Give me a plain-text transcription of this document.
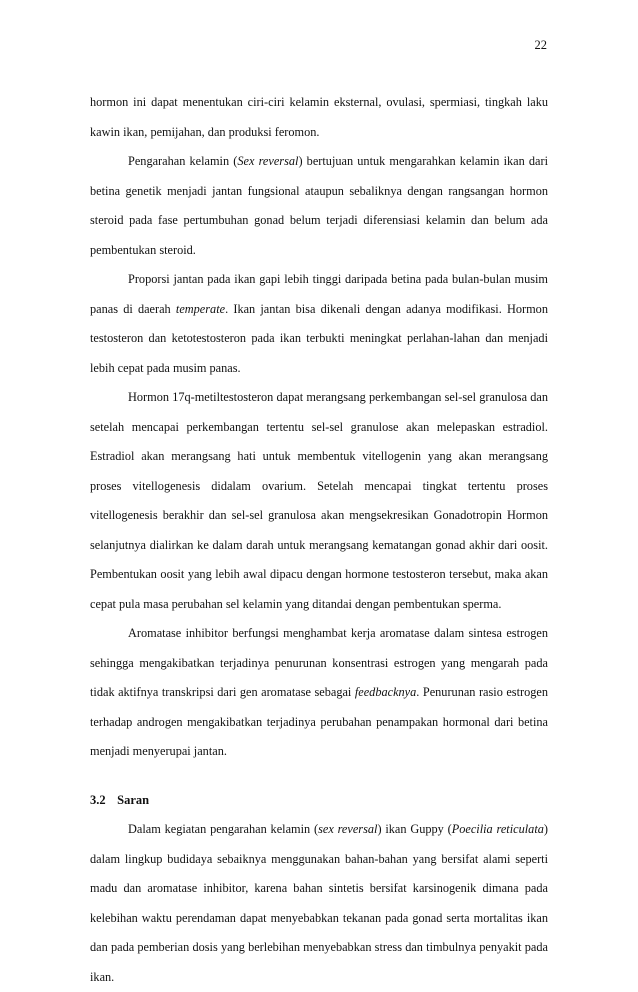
22

hormon ini dapat menentukan ciri-ciri kelamin eksternal, ovulasi, spermiasi, tingkah laku kawin ikan, pemijahan, dan produksi feromon.

Pengarahan kelamin (Sex reversal) bertujuan untuk mengarahkan kelamin ikan dari betina genetik menjadi jantan fungsional ataupun sebaliknya dengan rangsangan hormon steroid pada fase pertumbuhan gonad belum terjadi diferensiasi kelamin dan belum ada pembentukan steroid.

Proporsi jantan pada ikan gapi lebih tinggi daripada betina pada bulan-bulan musim panas di daerah temperate. Ikan jantan bisa dikenali dengan adanya modifikasi. Hormon testosteron dan ketotestosteron pada ikan terbukti meningkat perlahan-lahan dan menjadi lebih cepat pada musim panas.

Hormon 17q-metiltestosteron dapat merangsang perkembangan sel-sel granulosa dan setelah mencapai perkembangan tertentu sel-sel granulose akan melepaskan estradiol. Estradiol akan merangsang hati untuk membentuk vitellogenin yang akan merangsang proses vitellogenesis didalam ovarium. Setelah mencapai tingkat tertentu proses vitellogenesis berakhir dan sel-sel granulosa akan mengsekresikan Gonadotropin Hormon selanjutnya dialirkan ke dalam darah untuk merangsang kematangan gonad akhir dari oosit. Pembentukan oosit yang lebih awal dipacu dengan hormone testosteron tersebut, maka akan cepat pula masa perubahan sel kelamin yang ditandai dengan pembentukan sperma.

Aromatase inhibitor berfungsi menghambat kerja aromatase dalam sintesa estrogen sehingga mengakibatkan terjadinya penurunan konsentrasi estrogen yang mengarah pada tidak aktifnya transkripsi dari gen aromatase sebagai feedbacknya. Penurunan rasio estrogen terhadap androgen mengakibatkan terjadinya perubahan penampakan hormonal dari betina menjadi menyerupai jantan.

3.2 Saran

Dalam kegiatan pengarahan kelamin (sex reversal) ikan Guppy (Poecilia reticulata) dalam lingkup budidaya sebaiknya menggunakan bahan-bahan yang bersifat alami seperti madu dan aromatase inhibitor, karena bahan sintetis bersifat karsinogenik dimana pada kelebihan waktu perendaman dapat menyebabkan tekanan pada gonad serta mortalitas ikan dan pada pemberian dosis yang berlebihan menyebabkan stress dan timbulnya penyakit pada ikan.
